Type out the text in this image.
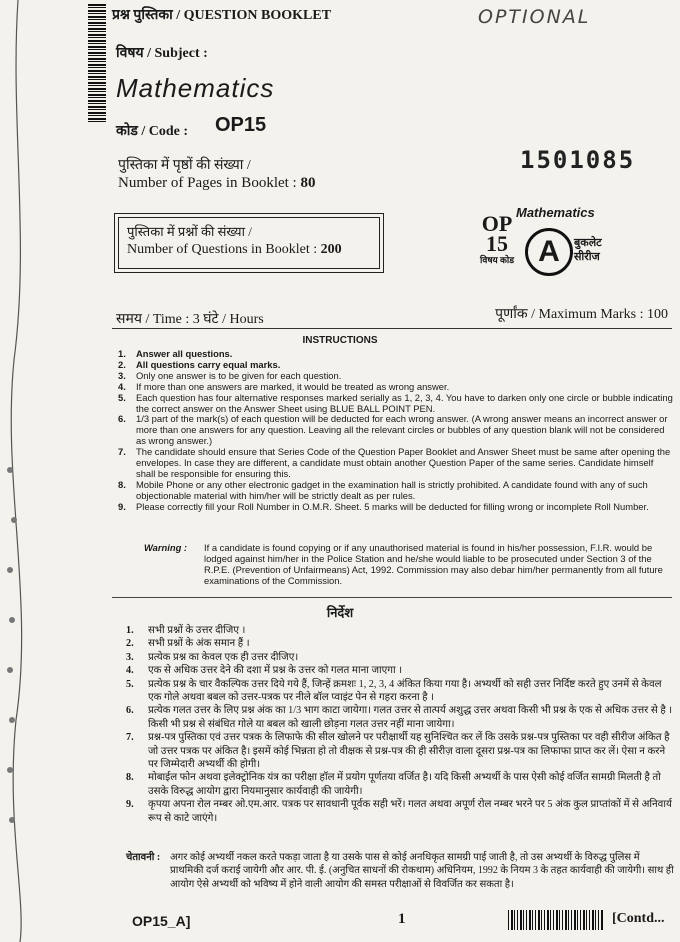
प्रश्न पुस्तिका / QUESTION BOOKLET	OPTIONAL
विषय / Subject :
Mathematics
कोड / Code : OP15
पुस्तिका में पृष्ठों की संख्या /
Number of Pages in Booklet : 80
1501085
पुस्तिका में प्रश्नों की संख्या /
Number of Questions in Booklet : 200
Mathematics
OP
15
विषय कोड A बुकलेट
सीरीज
समय / Time : 3 घंटे / Hours	पूर्णांक / Maximum Marks : 100
INSTRUCTIONS
1. Answer all questions.
2. All questions carry equal marks.
3. Only one answer is to be given for each question.
4. If more than one answers are marked, it would be treated as wrong answer.
5. Each question has four alternative responses marked serially as 1, 2, 3, 4. You have to darken only one circle or bubble indicating the correct answer on the Answer Sheet using BLUE BALL POINT PEN.
6. 1/3 part of the mark(s) of each question will be deducted for each wrong answer. (A wrong answer means an incorrect answer or more than one answers for any question. Leaving all the relevant circles or bubbles of any question blank will not be considered as wrong answer.)
7. The candidate should ensure that Series Code of the Question Paper Booklet and Answer Sheet must be same after opening the envelopes. In case they are different, a candidate must obtain another Question Paper of the same series. Candidate himself shall be responsible for ensuring this.
8. Mobile Phone or any other electronic gadget in the examination hall is strictly prohibited. A candidate found with any of such objectionable material with him/her will be strictly dealt as per rules.
9. Please correctly fill your Roll Number in O.M.R. Sheet. 5 marks will be deducted for filling wrong or incomplete Roll Number.
Warning :	If a candidate is found copying or if any unauthorised material is found in his/her possession, F.I.R. would be lodged against him/her in the Police Station and he/she would liable to be prosecuted under Section 3 of the R.P.E. (Prevention of Unfairmeans) Act, 1992. Commission may also debar him/her permanently from all future examinations of the Commission.
निर्देश
1. सभी प्रश्नों के उत्तर दीजिए ।
2. सभी प्रश्नों के अंक समान हैं ।
3. प्रत्येक प्रश्न का केवल एक ही उत्तर दीजिए।
4. एक से अधिक उत्तर देने की दशा में प्रश्न के उत्तर को गलत माना जाएगा ।
5. प्रत्येक प्रश्न के चार वैकल्पिक उत्तर दिये गये हैं, जिन्हें क्रमशः 1, 2, 3, 4 अंकित किया गया है। अभ्यर्थी को सही उत्तर निर्दिष्ट करते हुए उनमें से केवल एक गोले अथवा बबल को उत्तर-पत्रक पर नीले बॉल प्वाइंट पेन से गहरा करना है ।
6. प्रत्येक गलत उत्तर के लिए प्रश्न अंक का 1/3 भाग काटा जायेगा। गलत उत्तर से तात्पर्य अशुद्ध उत्तर अथवा किसी भी प्रश्न के एक से अधिक उत्तर से है । किसी भी प्रश्न से संबंधित गोले या बबल को खाली छोड़ना गलत उत्तर नहीं माना जायेगा।
7. प्रश्न-पत्र पुस्तिका एवं उत्तर पत्रक के लिफाफे की सील खोलने पर परीक्षार्थी यह सुनिश्चित कर लें कि उसके प्रश्न-पत्र पुस्तिका पर वही सीरीज अंकित है जो उत्तर पत्रक पर अंकित है। इसमें कोई भिन्नता हो तो वीक्षक से प्रश्न-पत्र की ही सीरीज़ वाला दूसरा प्रश्न-पत्र का लिफाफा प्राप्त कर लें। ऐसा न करने पर जिम्मेदारी अभ्यर्थी की होगी।
8. मोबाईल फोन अथवा इलेक्ट्रोनिक यंत्र का परीक्षा हॉल में प्रयोग पूर्णतया वर्जित है। यदि किसी अभ्यर्थी के पास ऐसी कोई वर्जित सामग्री मिलती है तो उसके विरुद्ध आयोग द्वारा नियमानुसार कार्यवाही की जायेगी।
9. कृपया अपना रोल नम्बर ओ.एम.आर. पत्रक पर सावधानी पूर्वक सही भरें। गलत अथवा अपूर्ण रोल नम्बर भरने पर 5 अंक कुल प्राप्तांकों में से अनिवार्य रूप से काटे जाएंगे।
चेतावनी : अगर कोई अभ्यर्थी नकल करते पकड़ा जाता है या उसके पास से कोई अनधिकृत सामग्री पाई जाती है, तो उस अभ्यर्थी के विरुद्ध पुलिस में प्राथमिकी दर्ज कराई जायेगी और आर. पी. ई. (अनुचित साधनों की रोकथाम) अधिनियम, 1992 के नियम 3 के तहत कार्यवाही की जायेगी। साथ ही आयोग ऐसे अभ्यर्थी को भविष्य में होने वाली आयोग की समस्त परीक्षाओं से विवर्जित कर सकता है।
OP15_A]	1	[Contd...
